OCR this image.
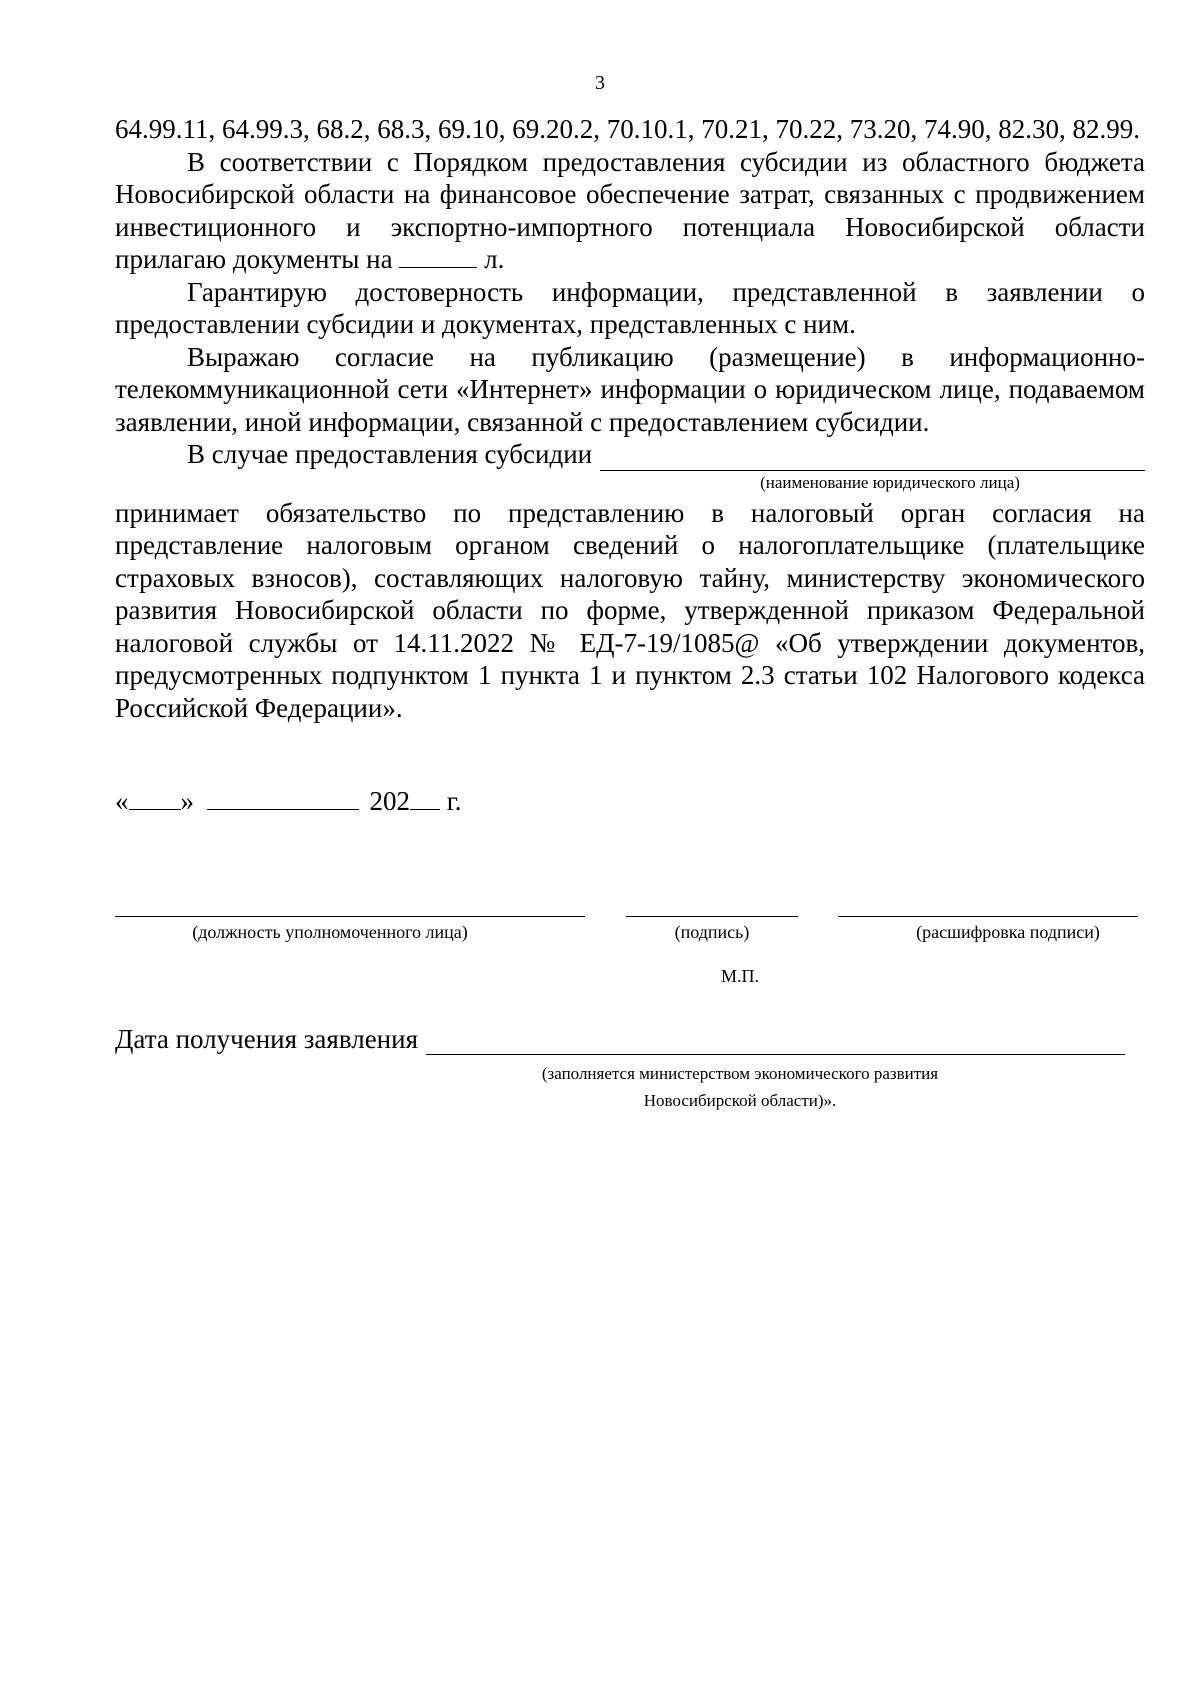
3

64.99.11, 64.99.3, 68.2, 68.3, 69.10, 69.20.2, 70.10.1, 70.21, 70.22, 73.20, 74.90, 82.30, 82.99.

В соответствии с Порядком предоставления субсидии из областного бюджета Новосибирской области на финансовое обеспечение затрат, связанных с продвижением инвестиционного и экспортно-импортного потенциала Новосибирской области прилагаю документы на	л.

Гарантирую достоверность информации, представленной в заявлении о предоставлении субсидии и документах, представленных с ним.

Выражаю согласие на публикацию (размещение) в информационно-телекоммуникационной сети «Интернет» информации о юридическом лице, подаваемом заявлении, иной информации, связанной с предоставлением субсидии.

В случае предоставления субсидии
(наименование юридического лица)

принимает обязательство по представлению в налоговый орган согласия на представление налоговым органом сведений о налогоплательщике (плательщике страховых взносов), составляющих налоговую тайну, министерству экономического развития Новосибирской области по форме, утвержденной приказом Федеральной налоговой службы от 14.11.2022 № ЕД-7-19/1085@ «Об утверждении документов, предусмотренных подпунктом 1 пункта 1 и пунктом 2.3 статьи 102 Налогового кодекса Российской Федерации».

« »	202 г.
(должность уполномоченного лица)	(подпись)	(расшифровка подписи)
М.П.
Дата получения заявления
(заполняется министерством экономического развития
Новосибирской области)».
